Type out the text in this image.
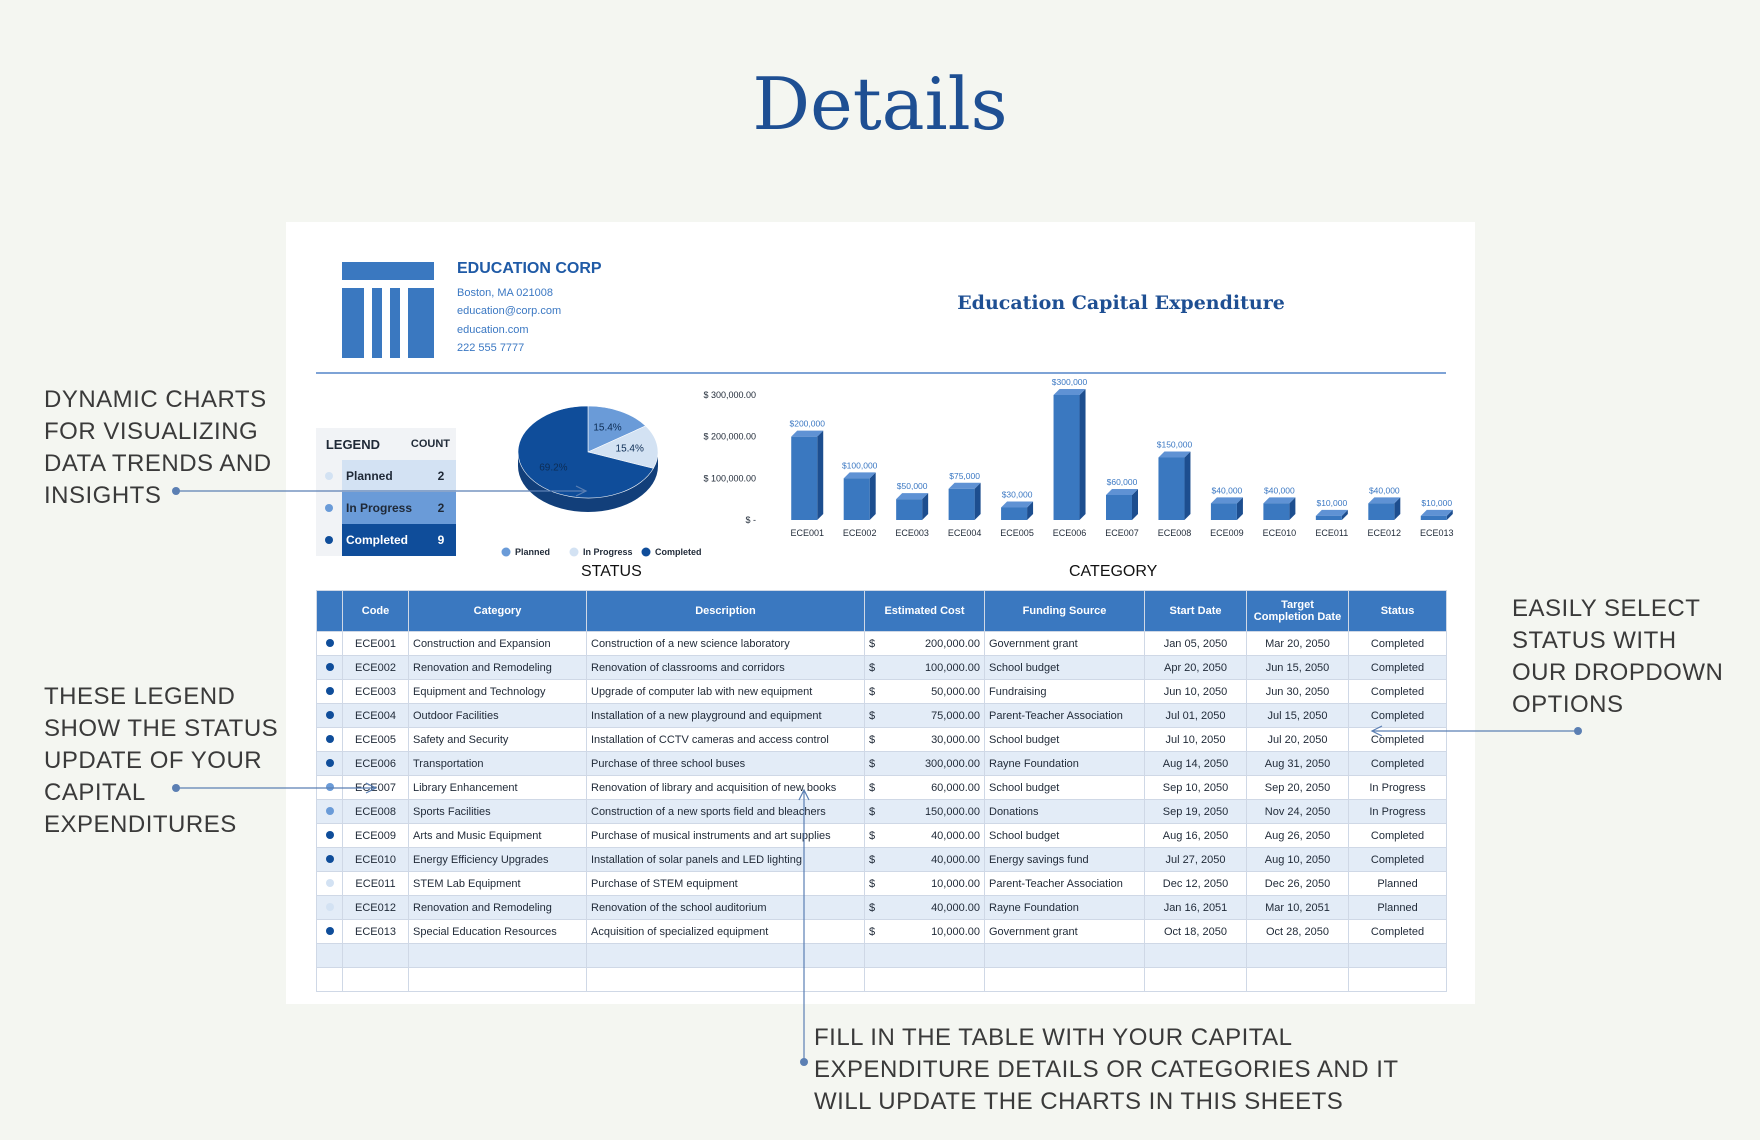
Details
DYNAMIC CHARTS
FOR VISUALIZING
DATA TRENDS AND
INSIGHTS
THESE LEGEND
SHOW THE STATUS
UPDATE OF YOUR
CAPITAL
EXPENDITURES
EASILY SELECT
STATUS WITH
OUR DROPDOWN
OPTIONS
FILL IN THE TABLE WITH YOUR CAPITAL
EXPENDITURE DETAILS OR CATEGORIES AND IT
WILL UPDATE THE CHARTS IN THIS SHEETS
EDUCATION CORP
Boston, MA 021008
education@corp.com
education.com
222 555 7777
Education Capital Expenditure
LEGEND	COUNT
Planned	2
In Progress	2
Completed	9
15.4%
15.4%
69.2%
Planned	In Progress Completed
STATUS
$ -
$ 100,000.00
$ 200,000.00
$ 300,000.00
$200,000
ECE001
$100,000
ECE002
$50,000
ECE003
$75,000
ECE004
$30,000
ECE005
$300,000
ECE006
$60,000
ECE007
$150,000
ECE008
$40,000
ECE009
$40,000
ECE010
$10,000
ECE011
$40,000
ECE012
$10,000
ECE013
CATEGORY
	Code	Category	Description	Estimated Cost	Funding Source	Start Date	Target Completion Date	Status
	ECE001	Construction and Expansion	Construction of a new science laboratory	$ 200,000.00	Government grant	Jan 05, 2050	Mar 20, 2050	Completed
	ECE002	Renovation and Remodeling	Renovation of classrooms and corridors	$ 100,000.00	School budget	Apr 20, 2050	Jun 15, 2050	Completed
	ECE003	Equipment and Technology	Upgrade of computer lab with new equipment	$ 50,000.00	Fundraising	Jun 10, 2050	Jun 30, 2050	Completed
	ECE004	Outdoor Facilities	Installation of a new playground and equipment	$ 75,000.00	Parent-Teacher Association	Jul 01, 2050	Jul 15, 2050	Completed
	ECE005	Safety and Security	Installation of CCTV cameras and access control	$ 30,000.00	School budget	Jul 10, 2050	Jul 20, 2050	Completed
	ECE006	Transportation	Purchase of three school buses	$ 300,000.00	Rayne Foundation	Aug 14, 2050	Aug 31, 2050	Completed
	ECE007	Library Enhancement	Renovation of library and acquisition of new books	$ 60,000.00	School budget	Sep 10, 2050	Sep 20, 2050	In Progress
	ECE008	Sports Facilities	Construction of a new sports field and bleachers	$ 150,000.00	Donations	Sep 19, 2050	Nov 24, 2050	In Progress
	ECE009	Arts and Music Equipment	Purchase of musical instruments and art supplies	$ 40,000.00	School budget	Aug 16, 2050	Aug 26, 2050	Completed
	ECE010	Energy Efficiency Upgrades	Installation of solar panels and LED lighting	$ 40,000.00	Energy savings fund	Jul 27, 2050	Aug 10, 2050	Completed
	ECE011	STEM Lab Equipment	Purchase of STEM equipment	$ 10,000.00	Parent-Teacher Association	Dec 12, 2050	Dec 26, 2050	Planned
	ECE012	Renovation and Remodeling	Renovation of the school auditorium	$ 40,000.00	Rayne Foundation	Jan 16, 2051	Mar 10, 2051	Planned
	ECE013	Special Education Resources	Acquisition of specialized equipment	$ 10,000.00	Government grant	Oct 18, 2050	Oct 28, 2050	Completed
